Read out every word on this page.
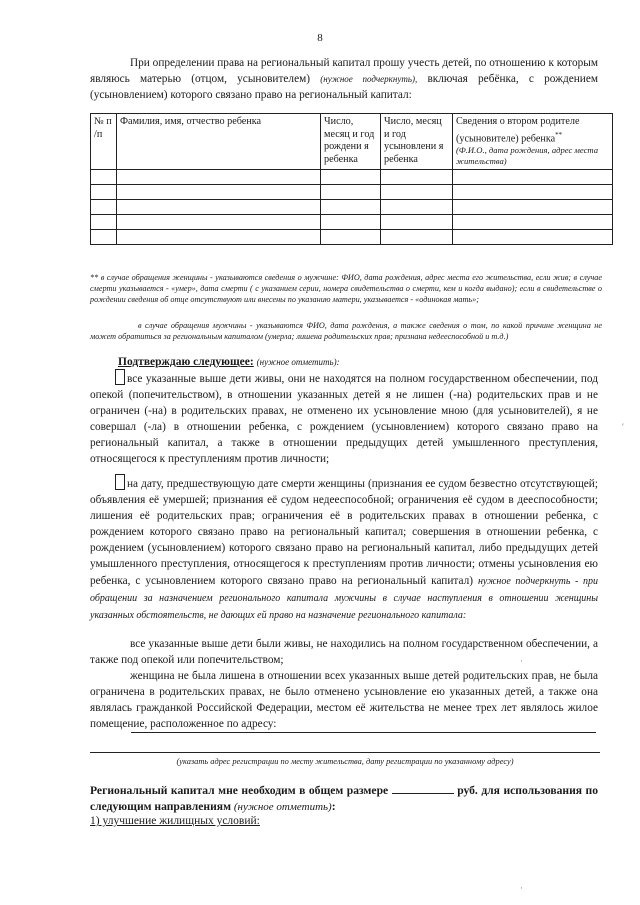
8

При определении права на региональный капитал прошу учесть детей, по отношению к которым являюсь матерью (отцом, усыновителем) (нужное подчеркнуть), включая ребёнка, с рождением (усыновлением) которого связано право на региональный капитал:

№ п /п	Фамилия, имя, отчество ребенка	Число, месяц и год рождени я ребенка	Число, месяц и год усыновлени я ребенка	Сведения о втором родителе (усыновителе) ребенка**
(Ф.И.О., дата рождения, адрес места жительства)

** в случае обращения женщины - указываются сведения о мужчине: ФИО, дата рождения, адрес места его жительства, если жив; в случае смерти указывается - «умер», дата смерти ( с указанием серии, номера свидетельства о смерти, кем и когда выдано); если в свидетельстве о рождении сведения об отце отсутствуют или внесены по указанию матери, указывается - «одинокая мать»;

в случае обращения мужчины - указываются ФИО, дата рождения, а также сведения о том, по какой причине женщина не может обратиться за региональным капиталом (умерла; лишена родительских прав; признана недееспособной и т.д.)

Подтверждаю следующее: (нужное отметить):

все указанные выше дети живы, они не находятся на полном государственном обеспечении, под опекой (попечительством), в отношении указанных детей я не лишен (-на) родительских прав и не ограничен (-на) в родительских правах, не отменено их усыновление мною (для усыновителей), я не совершал (-ла) в отношении ребенка, с рождением (усыновлением) которого связано право на региональный капитал, а также в отношении предыдущих детей умышленного преступления, относящегося к преступлениям против личности;

на дату, предшествующую дате смерти женщины (признания ее судом безвестно отсутствующей; объявления её умершей; признания её судом недееспособной; ограничения её судом в дееспособности; лишения её родительских прав; ограничения её в родительских правах в отношении ребенка, с рождением которого связано право на региональный капитал; совершения в отношении ребенка, с рождением (усыновлением) которого связано право на региональный капитал, либо предыдущих детей умышленного преступления, относящегося к преступлениям против личности; отмены усыновления ею ребенка, с усыновлением которого связано право на региональный капитал) нужное подчеркнуть - при обращении за назначением регионального капитала мужчины в случае наступления в отношении женщины указанных обстоятельств, не дающих ей право на назначение регионального капитала:

все указанные выше дети были живы, не находились на полном государственном обеспечении, а также под опекой или попечительством;

женщина не была лишена в отношении всех указанных выше детей родительских прав, не была ограничена в родительских правах, не было отменено усыновление ею указанных детей, а также она являлась гражданкой Российской Федерации, местом её жительства не менее трех лет являлось жилое помещение, расположенное по адресу:

(указать адрес регистрации по месту жительства, дату регистрации по указанному адресу)

Региональный капитал мне необходим в общем размере	руб. для использования по следующим направлениям (нужное отметить):

1) улучшение жилищных условий:
′
·
·
